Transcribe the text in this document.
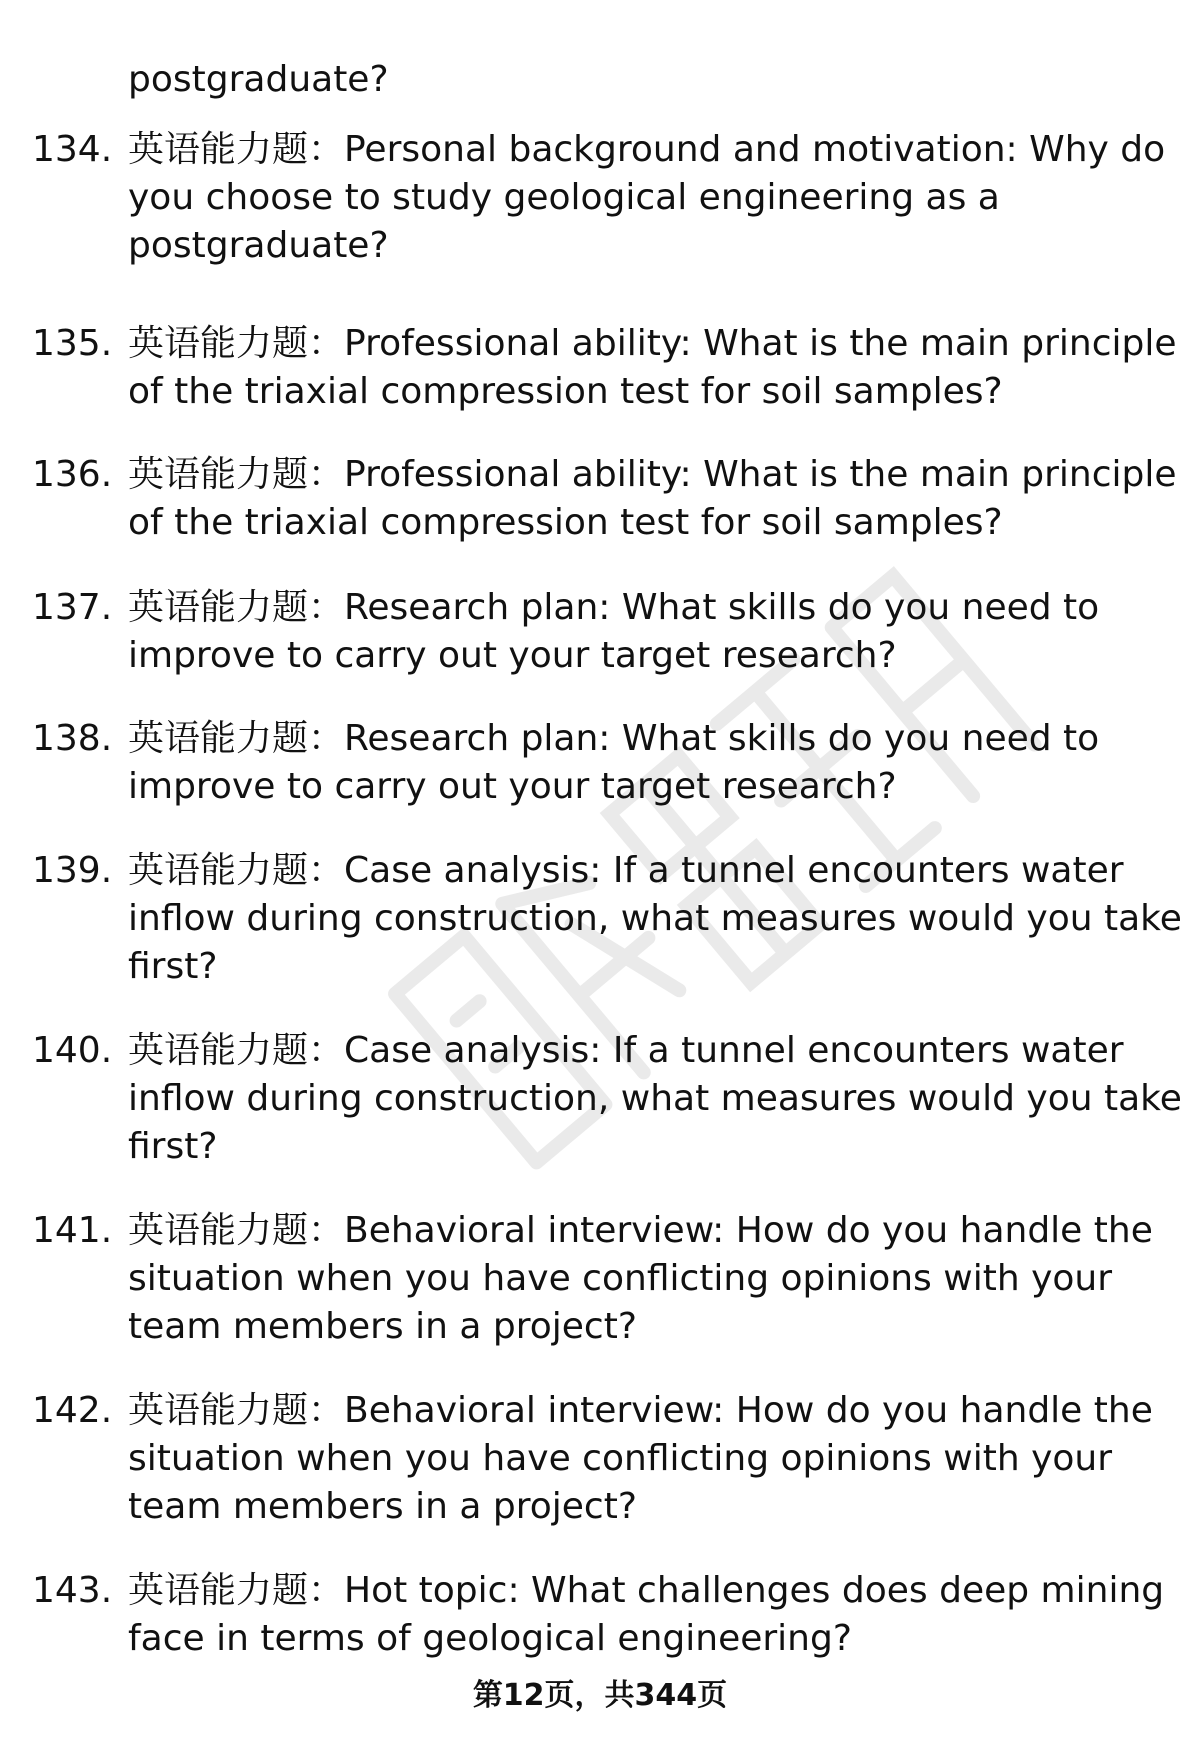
postgraduate?
134. 英语能力题：Personal background and motivation: Why do
you choose to study geological engineering as a
postgraduate?
135. 英语能力题：Professional ability: What is the main principle
of the triaxial compression test for soil samples?
136. 英语能力题：Professional ability: What is the main principle
of the triaxial compression test for soil samples?
137. 英语能力题：Research plan: What skills do you need to
improve to carry out your target research?
138. 英语能力题：Research plan: What skills do you need to
improve to carry out your target research?
139. 英语能力题：Case analysis: If a tunnel encounters water
inflow during construction, what measures would you take
first?
140. 英语能力题：Case analysis: If a tunnel encounters water
inflow during construction, what measures would you take
first?
141. 英语能力题：Behavioral interview: How do you handle the
situation when you have conflicting opinions with your
team members in a project?
142. 英语能力题：Behavioral interview: How do you handle the
situation when you have conflicting opinions with your
team members in a project?
143. 英语能力题：Hot topic: What challenges does deep mining
face in terms of geological engineering?
第12页，共344页
